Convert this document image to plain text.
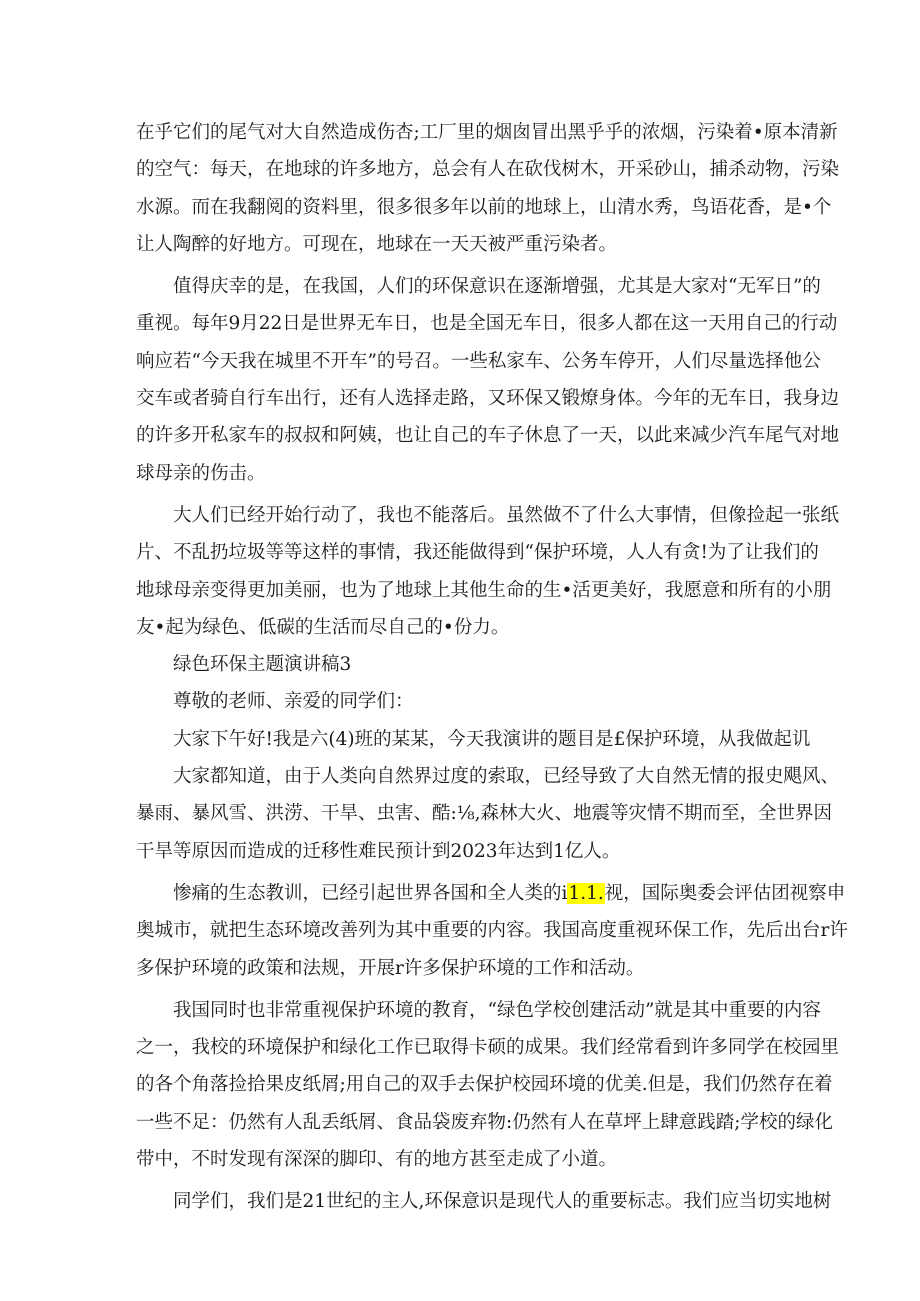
在乎它们的尾气对大自然造成伤杏;工厂里的烟囱冒出黑乎乎的浓烟，污染着•原本清新
的空气：每天，在地球的许多地方，总会有人在砍伐树木，开采砂山，捕杀动物，污染
水源。而在我翻阅的资料里，很多很多年以前的地球上，山清水秀，鸟语花香，是•个
让人陶醉的好地方。可现在，地球在一天天被严重污染者。
值得庆幸的是，在我国，人们的环保意识在逐渐增强，尤其是大家对“无军日”的
重视。每年9月22日是世界无车日，也是全国无车日，很多人都在这一天用自己的行动
响应若“今天我在城里不开车”的号召。一些私家车、公务车停开，人们尽量选择他公
交车或者骑自行车出行，还有人选择走路，又环保又锻燎身体。今年的无车日，我身边
的许多开私家车的叔叔和阿姨，也让自己的车子休息了一天，以此来减少汽车尾气对地
球母亲的伤击。
大人们已经开始行动了，我也不能落后。虽然做不了什么大事情，但像捡起一张纸
片、不乱扔垃圾等等这样的事情，我还能做得到“保护环境，人人有贪!为了让我们的
地球母亲变得更加美丽，也为了地球上其他生命的生•活更美好，我愿意和所有的小朋
友•起为绿色、低碳的生活而尽自己的•份力。
绿色环保主题演讲稿3
尊敬的老师、亲爱的同学们：
大家下午好!我是六(4)班的某某，今天我演讲的题目是£保护环境，从我做起讥
大家都知道，由于人类向自然界过度的索取，已经导致了大自然无情的报史飓风、
暴雨、暴风雪、洪涝、干旱、虫害、酷:⅛,森林大火、地震等灾情不期而至，全世界因
干旱等原因而造成的迁移性难民预计到2023年达到1亿人。
惨痛的生态教训，已经引起世界各国和全人类的i1.1.视，国际奥委会评估团视察申
奥城市，就把生态环境改善列为其中重要的内容。我国高度重视环保工作，先后出台r许
多保护环境的政策和法规，开展r许多保护环境的工作和活动。
我国同时也非常重视保护环境的教育，“绿色学校创建活动”就是其中重要的内容
之一，我校的环境保护和绿化工作已取得卡硕的成果。我们经常看到许多同学在校园里
的各个角落捡拾果皮纸屑;用自己的双手去保护校园环境的优美.但是，我们仍然存在着
一些不足：仍然有人乱丢纸屑、食品袋废弃物:仍然有人在草坪上肆意践踏;学校的绿化
带中，不时发现有深深的脚印、有的地方甚至走成了小道。
同学们，我们是21世纪的主人,环保意识是现代人的重要标志。我们应当切实地树
